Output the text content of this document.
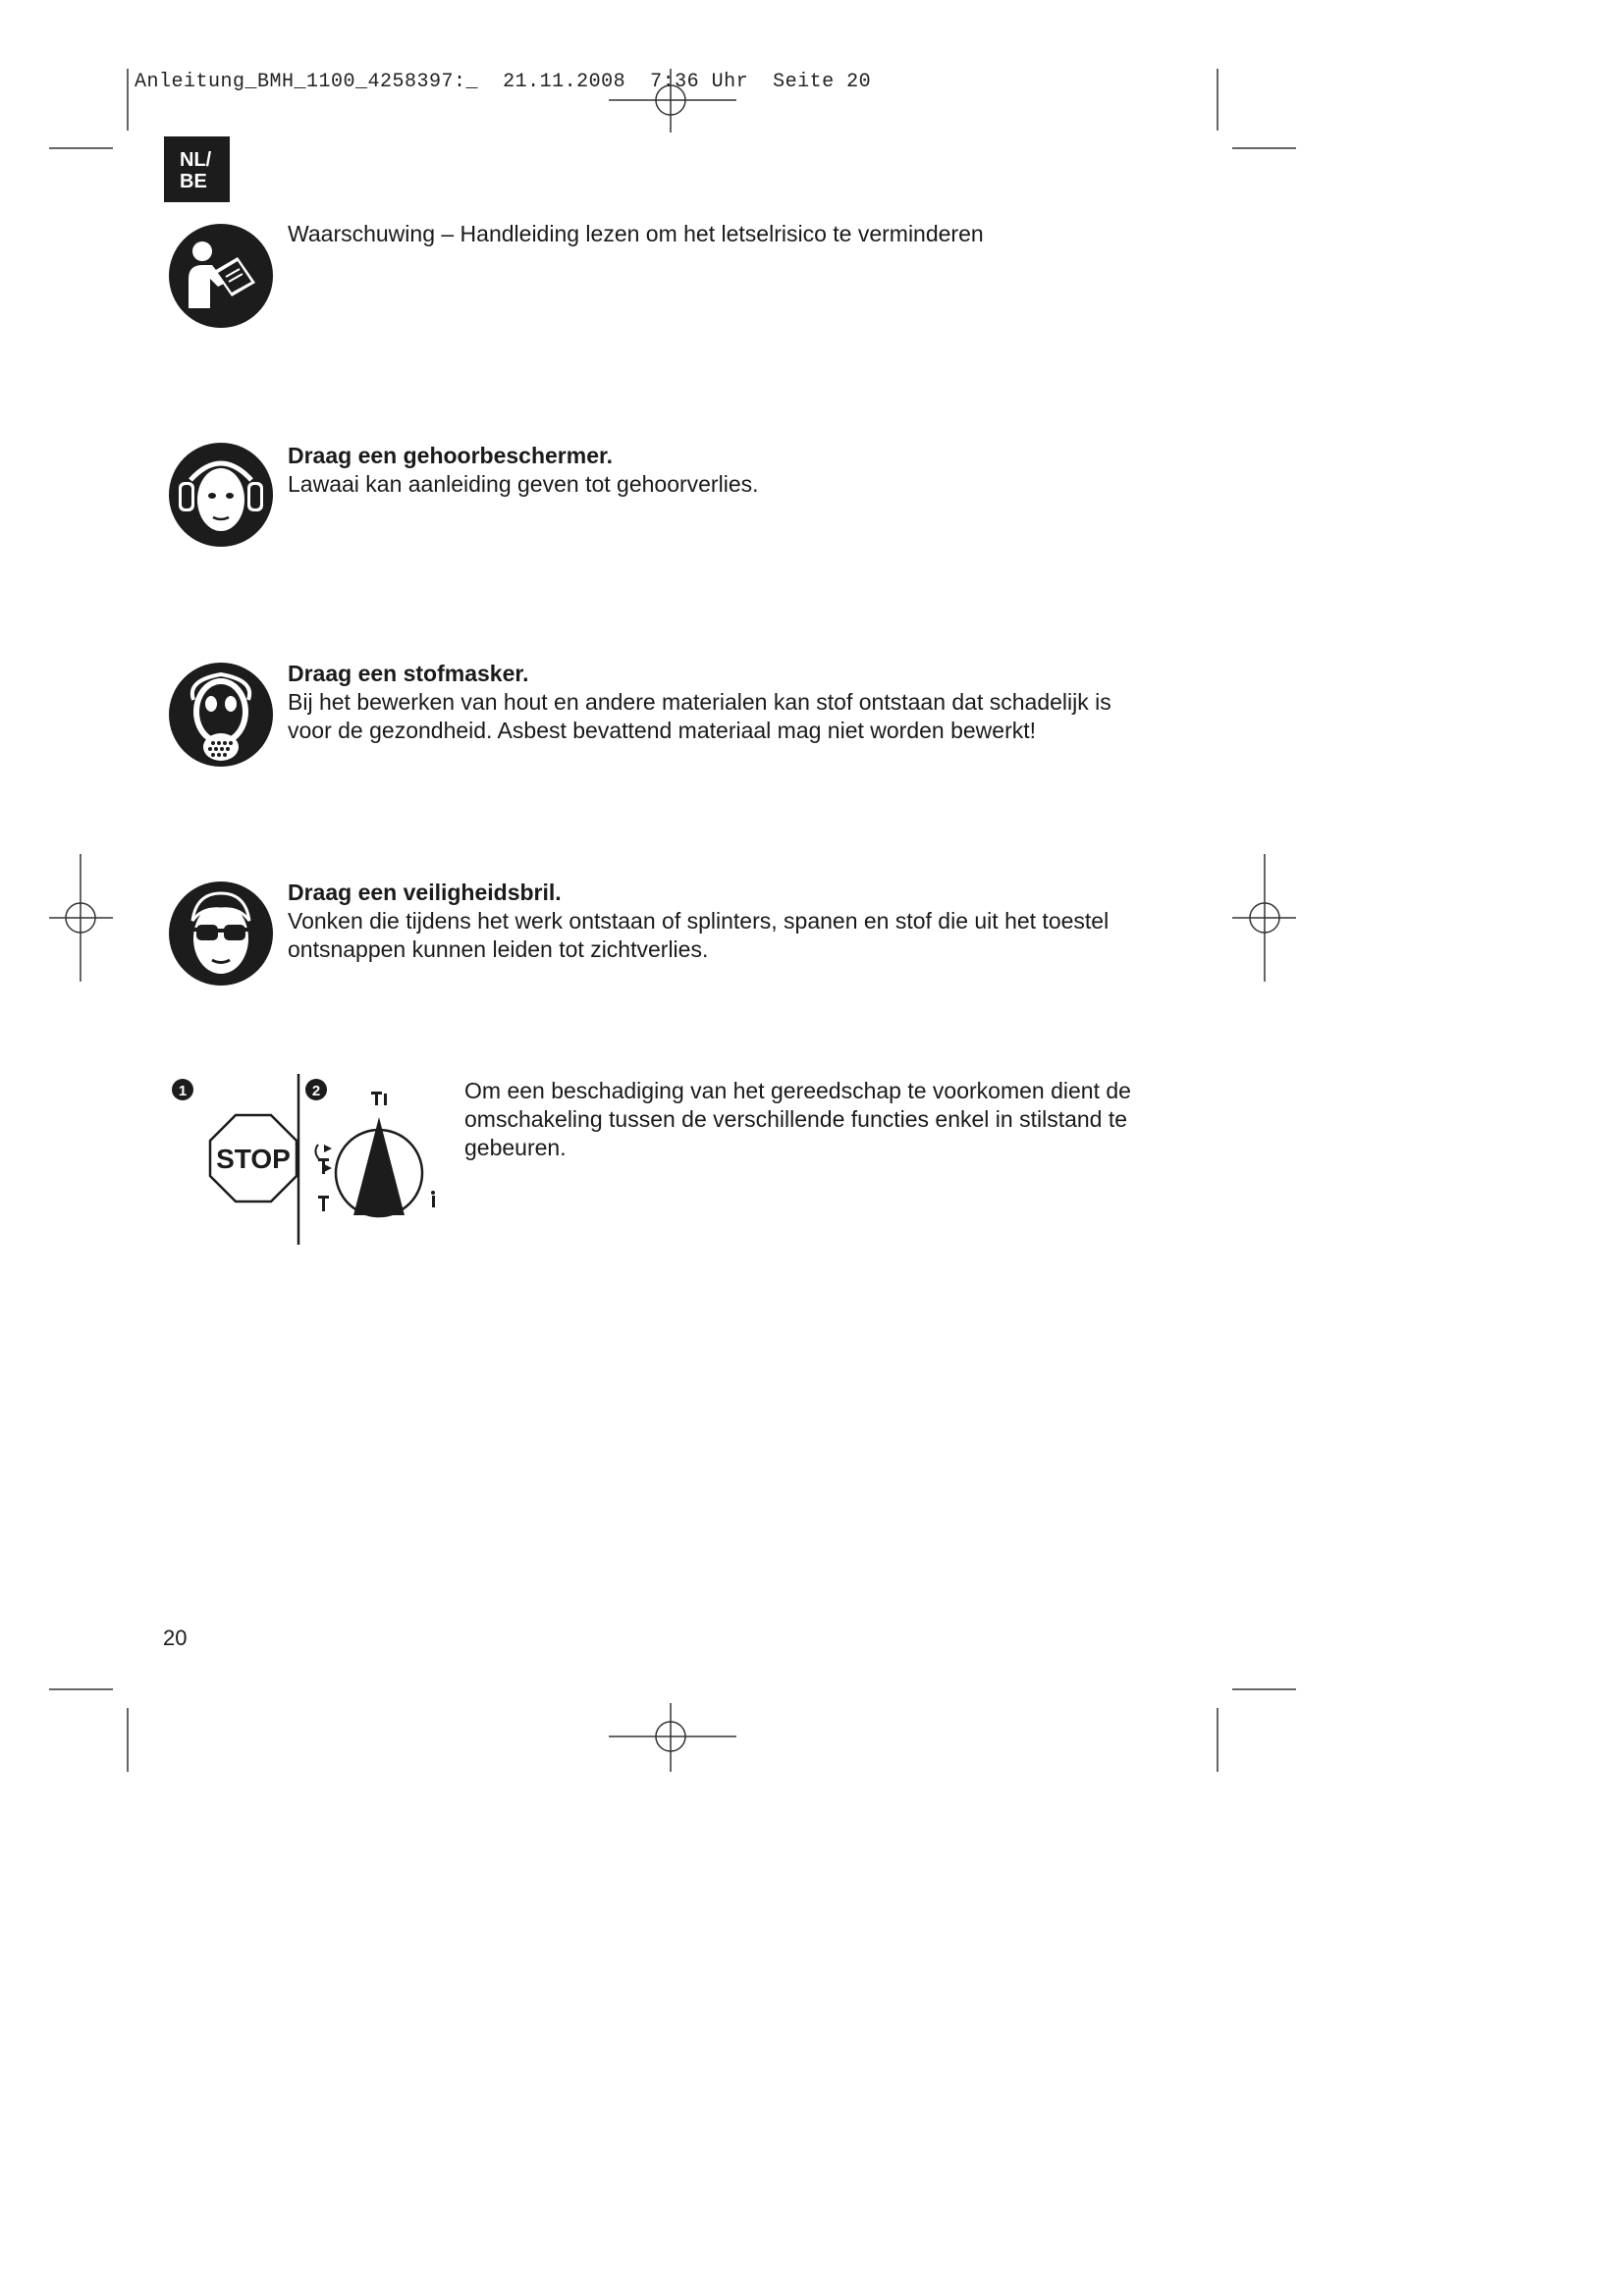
Anleitung_BMH_1100_4258397:_ 21.11.2008 7:36 Uhr Seite 20
NL/
BE
Waarschuwing – Handleiding lezen om het letselrisico te verminderen
Draag een gehoorbeschermer.
Lawaai kan aanleiding geven tot gehoorverlies.
Draag een stofmasker.
Bij het bewerken van hout en andere materialen kan stof ontstaan dat schadelijk is
voor de gezondheid. Asbest bevattend materiaal mag niet worden bewerkt!
Draag een veiligheidsbril.
Vonken die tijdens het werk ontstaan of splinters, spanen en stof die uit het toestel
ontsnappen kunnen leiden tot zichtverlies.
1
STOP
2	Om een beschadiging van het gereedschap te voorkomen dient de
omschakeling tussen de verschillende functies enkel in stilstand te
gebeuren.
20
